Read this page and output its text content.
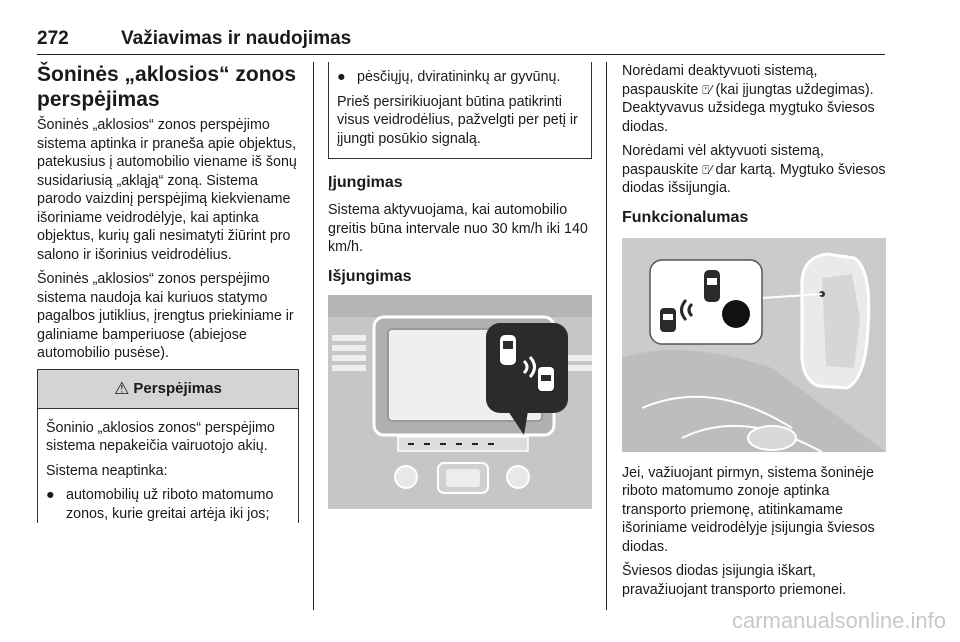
272	Važiavimas ir naudojimas
Šoninės „aklosios“ zonos perspėjimas

Šoninės „aklosios“ zonos perspėjimo sistema aptinka ir praneša apie objektus, patekusius į automobilio viename iš šonų susidariusią „akląją“ zoną. Sistema parodo vaizdinį perspėjimą kiekviename išoriniame veidrodėlyje, kai aptinka objektus, kurių gali nesimatyti žiūrint pro salono ir išorinius veidrodėlius.

Šoninės „aklosios“ zonos perspėjimo sistema naudoja kai kuriuos statymo pagalbos jutiklius, įrengtus priekiniame ir galiniame bamperiuose (abiejose automobilio pusėse).

⚠ Perspėjimas

Šoninio „aklosios zonos“ perspėjimo sistema nepakeičia vairuotojo akių.

Sistema neaptinka:

● automobilių už riboto matomumo zonos, kurie greitai artėja iki jos;
● pėsčiųjų, dviratininkų ar gyvūnų.

Prieš persirikiuojant būtina patikrinti visus veidrodėlius, pažvelgti per petį ir įjungti posūkio signalą.

Įjungimas

Sistema aktyvuojama, kai automobilio greitis būna intervale nuo 30 km/h iki 140 km/h.

Išjungimas

Norėdami deaktyvuoti sistemą, paspauskite ⍞⁄ (kai įjungtas uždegimas). Deaktyvavus užsidega mygtuko šviesos diodas.

Norėdami vėl aktyvuoti sistemą, paspauskite ⍞⁄ dar kartą. Mygtuko šviesos diodas išsijungia.

Funkcionalumas

Jei, važiuojant pirmyn, sistema šoninėje riboto matomumo zonoje aptinka transporto priemonę, atitinkamame išoriniame veidrodėlyje įsijungia šviesos diodas.

Šviesos diodas įsijungia iškart, pravažiuojant transporto priemonei.

carmanualsonline.info
